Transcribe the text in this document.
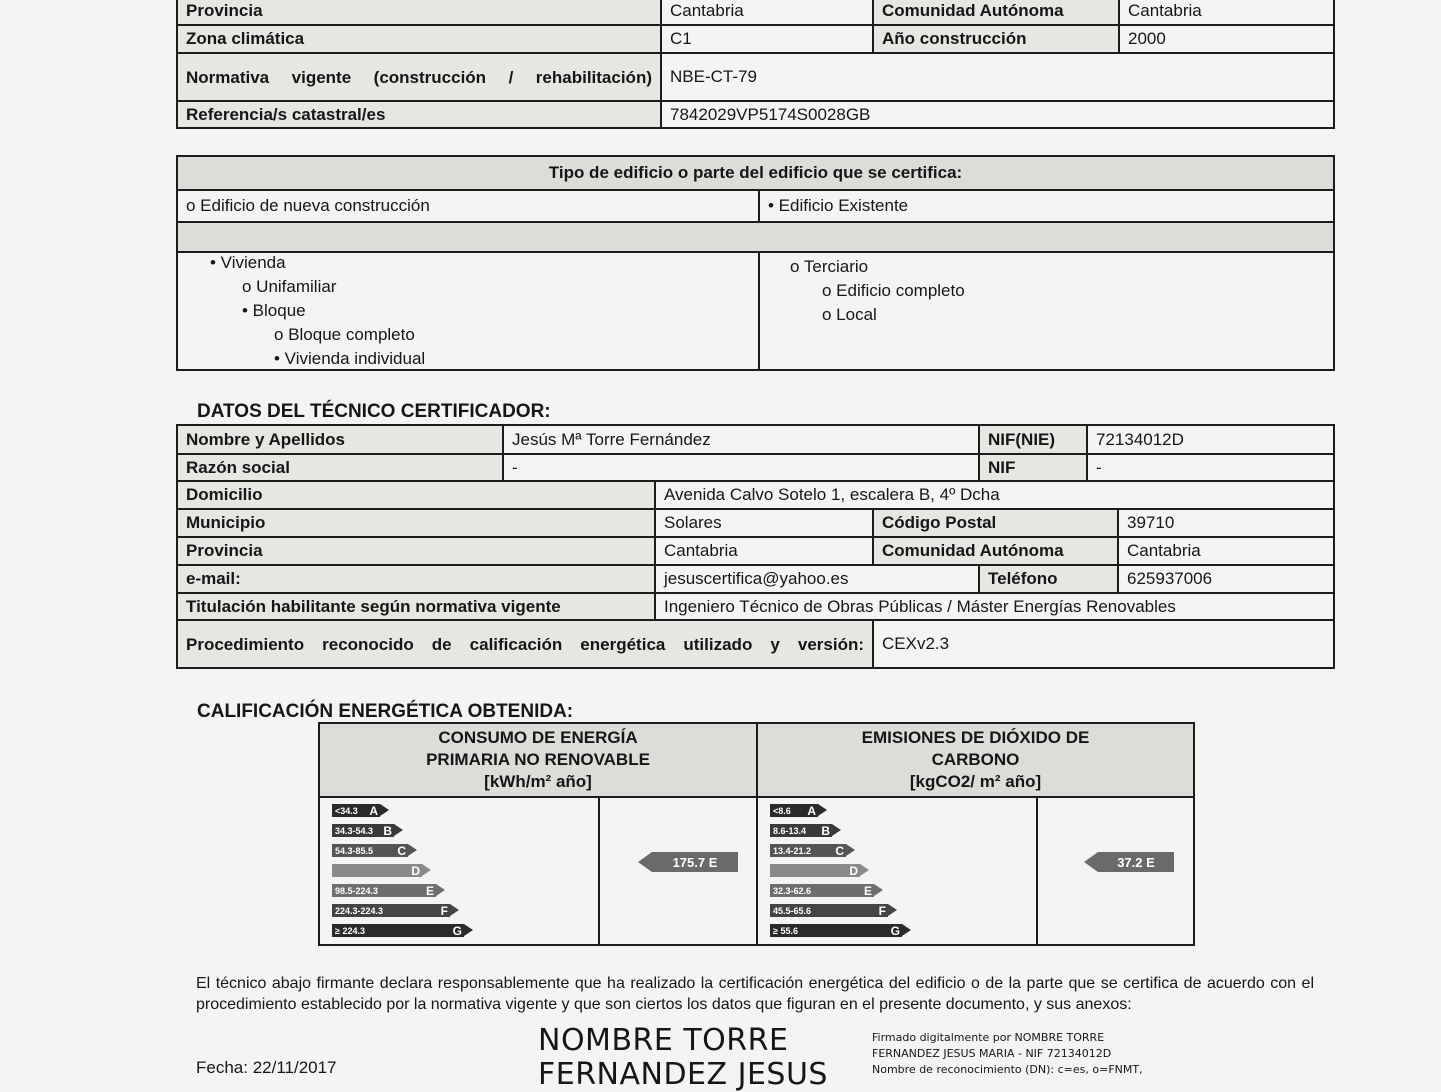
Provincia	Cantabria	Comunidad Autónoma	Cantabria
Zona climática	C1	Año construcción	2000
Normativa vigente (construcción / rehabilitación)	NBE-CT-79
Referencia/s catastral/es	7842029VP5174S0028GB
Tipo de edificio o parte del edificio que se certifica:
o Edificio de nueva construcción	• Edificio Existente
• Vivienda
o Unifamiliar
• Bloque
o Bloque completo
• Vivienda individual
o Terciario
o Edificio completo
o Local
DATOS DEL TÉCNICO CERTIFICADOR:
Nombre y Apellidos	Jesús Mª Torre Fernández	NIF(NIE)	72134012D
Razón social	-	NIF	-
Domicilio	Avenida Calvo Sotelo 1, escalera B, 4º Dcha
Municipio	Solares	Código Postal	39710
Provincia	Cantabria	Comunidad Autónoma	Cantabria
e-mail:	jesuscertifica@yahoo.es	Teléfono	625937006
Titulación habilitante según normativa vigente	Ingeniero Técnico de Obras Públicas / Máster Energías Renovables
Procedimiento reconocido de calificación energética utilizado y versión:	CEXv2.3
CALIFICACIÓN ENERGÉTICA OBTENIDA:
CONSUMO DE ENERGÍA
PRIMARIA NO RENOVABLE
[kWh/m² año]
EMISIONES DE DIÓXIDO DE
CARBONO
[kgCO2/ m² año]
<34.3 A
34.3-54.3 B
54.3-85.5 C
D
98.5-224.3	E
224.3-224.3	F
≥ 224.3	G
175.7 E
<8.6 A
8.6-13.4 B
13.4-21.2 C
D
32.3-62.6	E
45.5-65.6	F
≥ 55.6	G
37.2 E
El técnico abajo firmante declara responsablemente que ha realizado la certificación energética del edificio o de la parte que se certifica de acuerdo con el procedimiento establecido por la normativa vigente y que son ciertos los datos que figuran en el presente documento, y sus anexos:
Fecha: 22/11/2017
NOMBRE TORRE
FERNANDEZ JESUS
Firmado digitalmente por NOMBRE TORRE
FERNANDEZ JESUS MARIA - NIF 72134012D
Nombre de reconocimiento (DN): c=es, o=FNMT,
